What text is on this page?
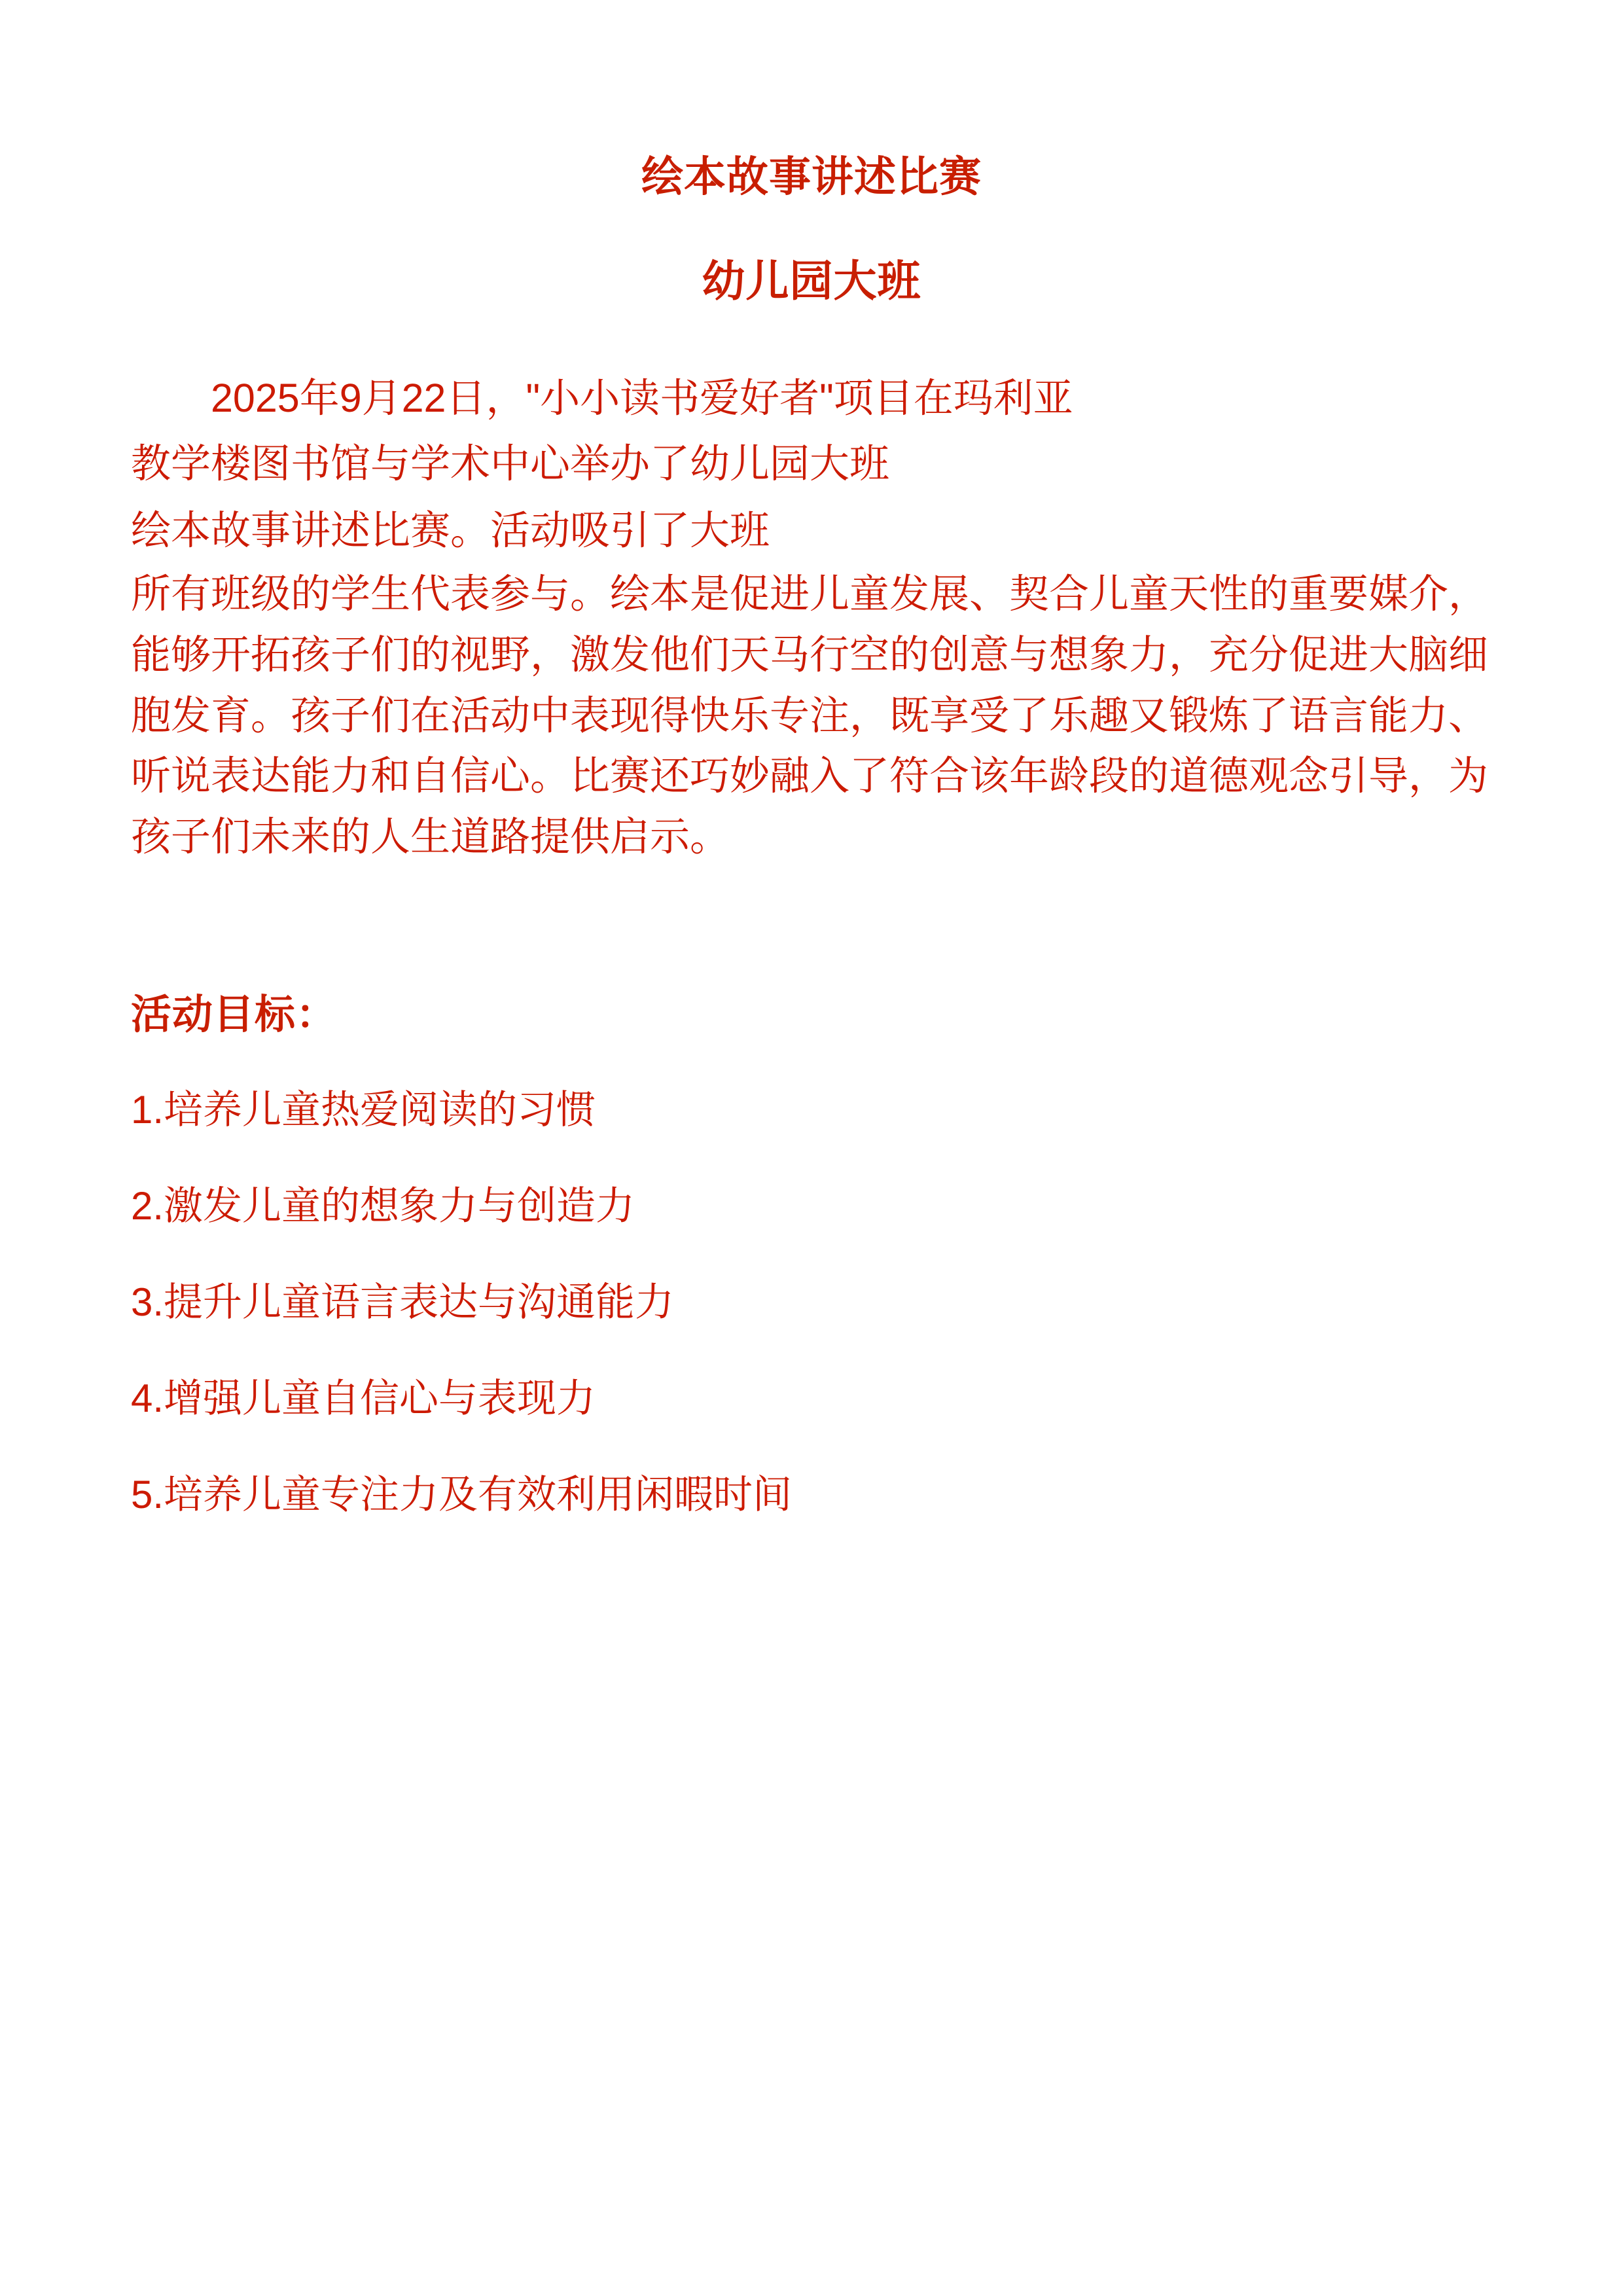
绘本故事讲述比赛
幼儿园大班

2025年9月22日，"小小读书爱好者"项目在玛利亚

教学楼图书馆与学术中心举办了幼儿园大班

绘本故事讲述比赛。活动吸引了大班

所有班级的学生代表参与。绘本是促进儿童发展、契合儿童天性的重要媒介，能够开拓孩子们的视野，激发他们天马行空的创意与想象力，充分促进大脑细胞发育。孩子们在活动中表现得快乐专注，既享受了乐趣又锻炼了语言能力、听说表达能力和自信心。比赛还巧妙融入了符合该年龄段的道德观念引导，为孩子们未来的人生道路提供启示。

活动目标：

1.培养儿童热爱阅读的习惯

2.激发儿童的想象力与创造力

3.提升儿童语言表达与沟通能力

4.增强儿童自信心与表现力

5.培养儿童专注力及有效利用闲暇时间
